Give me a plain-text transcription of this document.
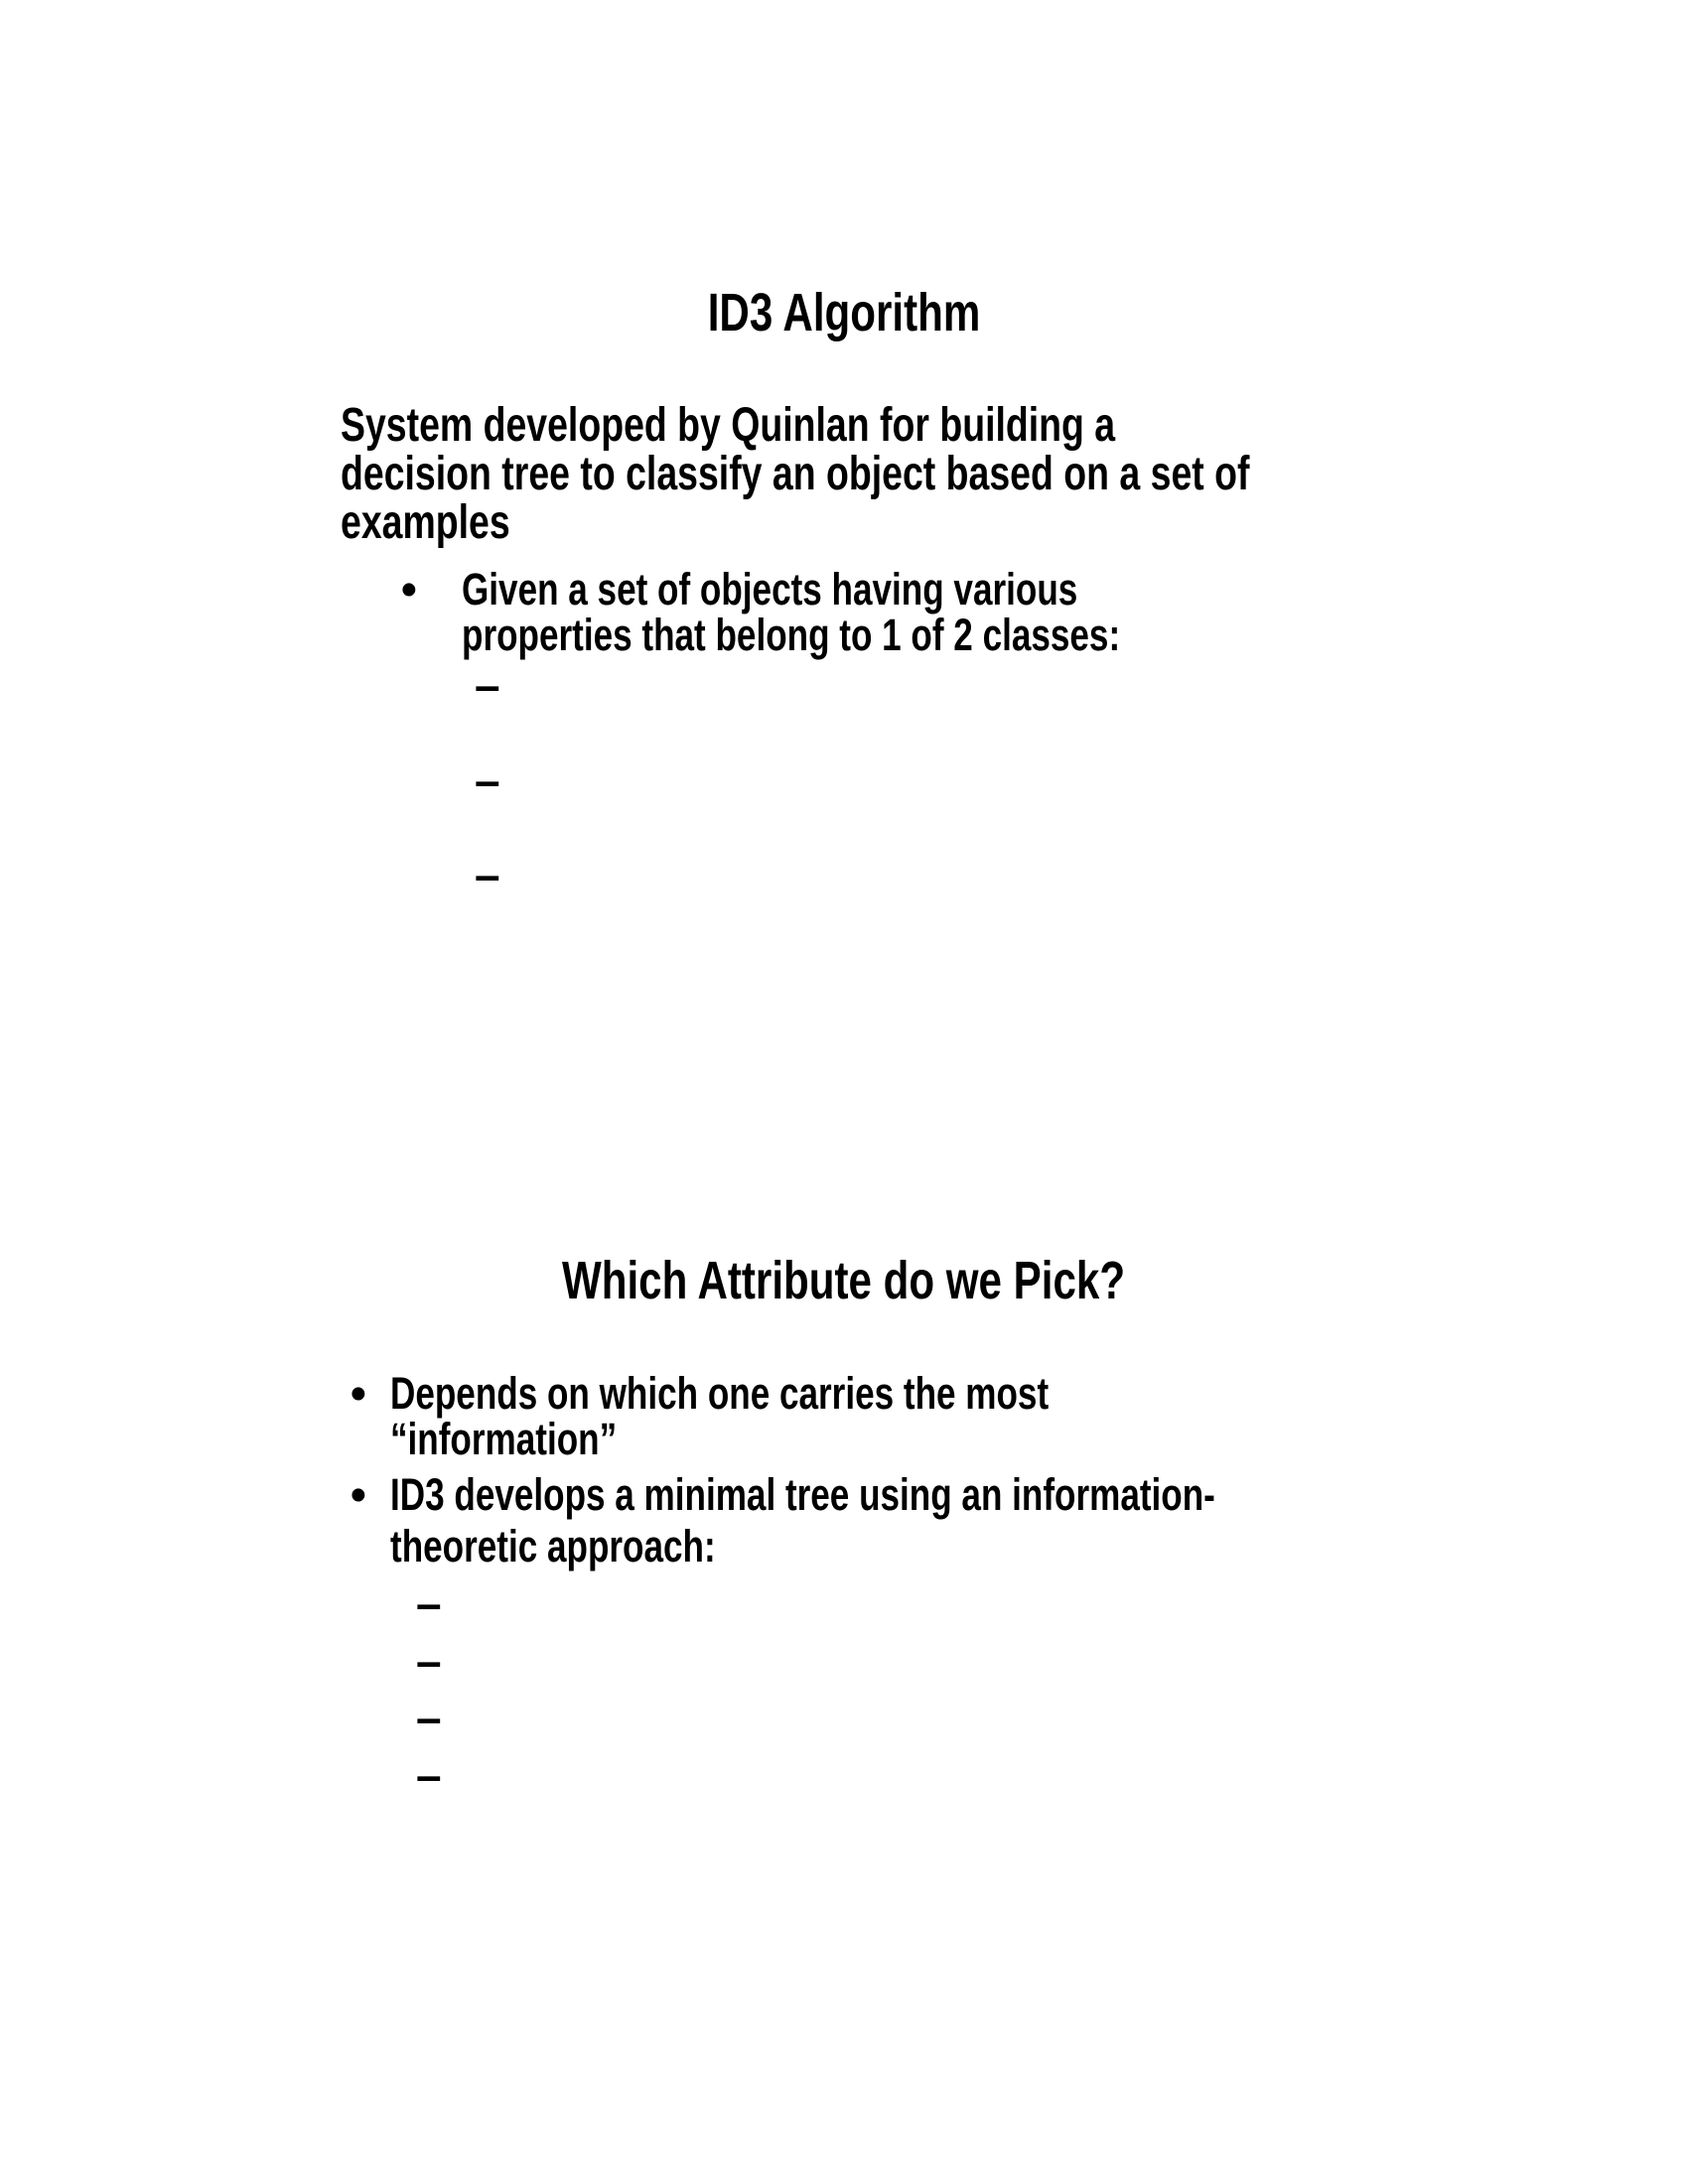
ID3 Algorithm
System developed by Quinlan for building a
decision tree to classify an object based on a set of
examples
• Given a set of objects having various
properties that belong to 1 of 2 classes:
–
–
–
Which Attribute do we Pick?
• Depends on which one carries the most
“information”
• ID3 develops a minimal tree using an information-
theoretic approach:
–
–
–
–
